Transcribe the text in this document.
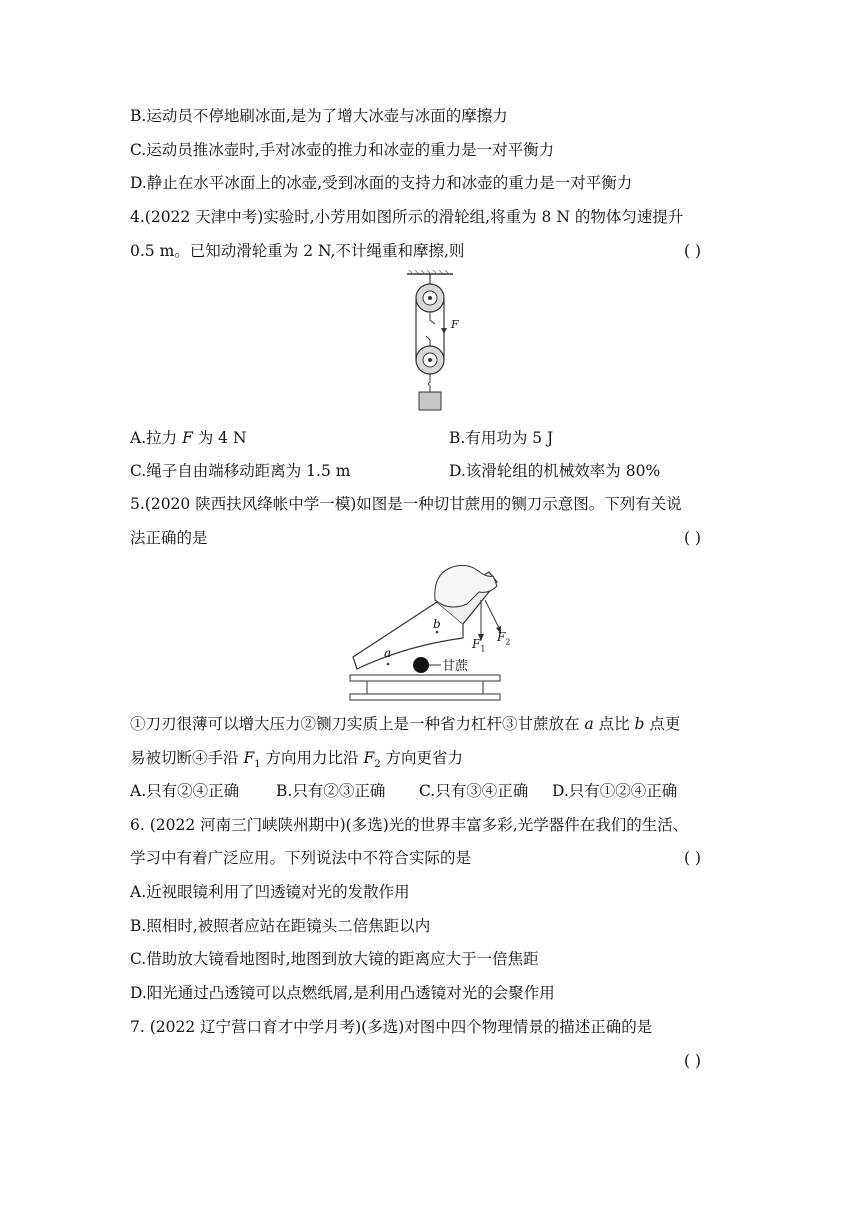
B.运动员不停地刷冰面,是为了增大冰壶与冰面的摩擦力
C.运动员推冰壶时,手对冰壶的推力和冰壶的重力是一对平衡力
D.静止在水平冰面上的冰壶,受到冰面的支持力和冰壶的重力是一对平衡力
4.(2022 天津中考)实验时,小芳用如图所示的滑轮组,将重为 8 N 的物体匀速提升
0.5 m。已知动滑轮重为 2 N,不计绳重和摩擦,则	( )
F
A.拉力 F 为 4 N	B.有用功为 5 J
C.绳子自由端移动距离为 1.5 m	D.该滑轮组的机械效率为 80%
5.(2020 陕西扶风绛帐中学一模)如图是一种切甘蔗用的铡刀示意图。下列有关说
法正确的是	( )
a
b
$F_1$
$F_2$
甘蔗
①刀刃很薄可以增大压力②铡刀实质上是一种省力杠杆③甘蔗放在 a 点比 b 点更
易被切断④手沿 $F_1$ 方向用力比沿 $F_2$ 方向更省力
A.只有②④正确 B.只有②③正确 C.只有③④正确 D.只有①②④正确
6. (2022 河南三门峡陕州期中)(多选)光的世界丰富多彩,光学器件在我们的生活、
学习中有着广泛应用。下列说法中不符合实际的是	( )
A.近视眼镜利用了凹透镜对光的发散作用
B.照相时,被照者应站在距镜头二倍焦距以内
C.借助放大镜看地图时,地图到放大镜的距离应大于一倍焦距
D.阳光通过凸透镜可以点燃纸屑,是利用凸透镜对光的会聚作用
7. (2022 辽宁营口育才中学月考)(多选)对图中四个物理情景的描述正确的是
( )
